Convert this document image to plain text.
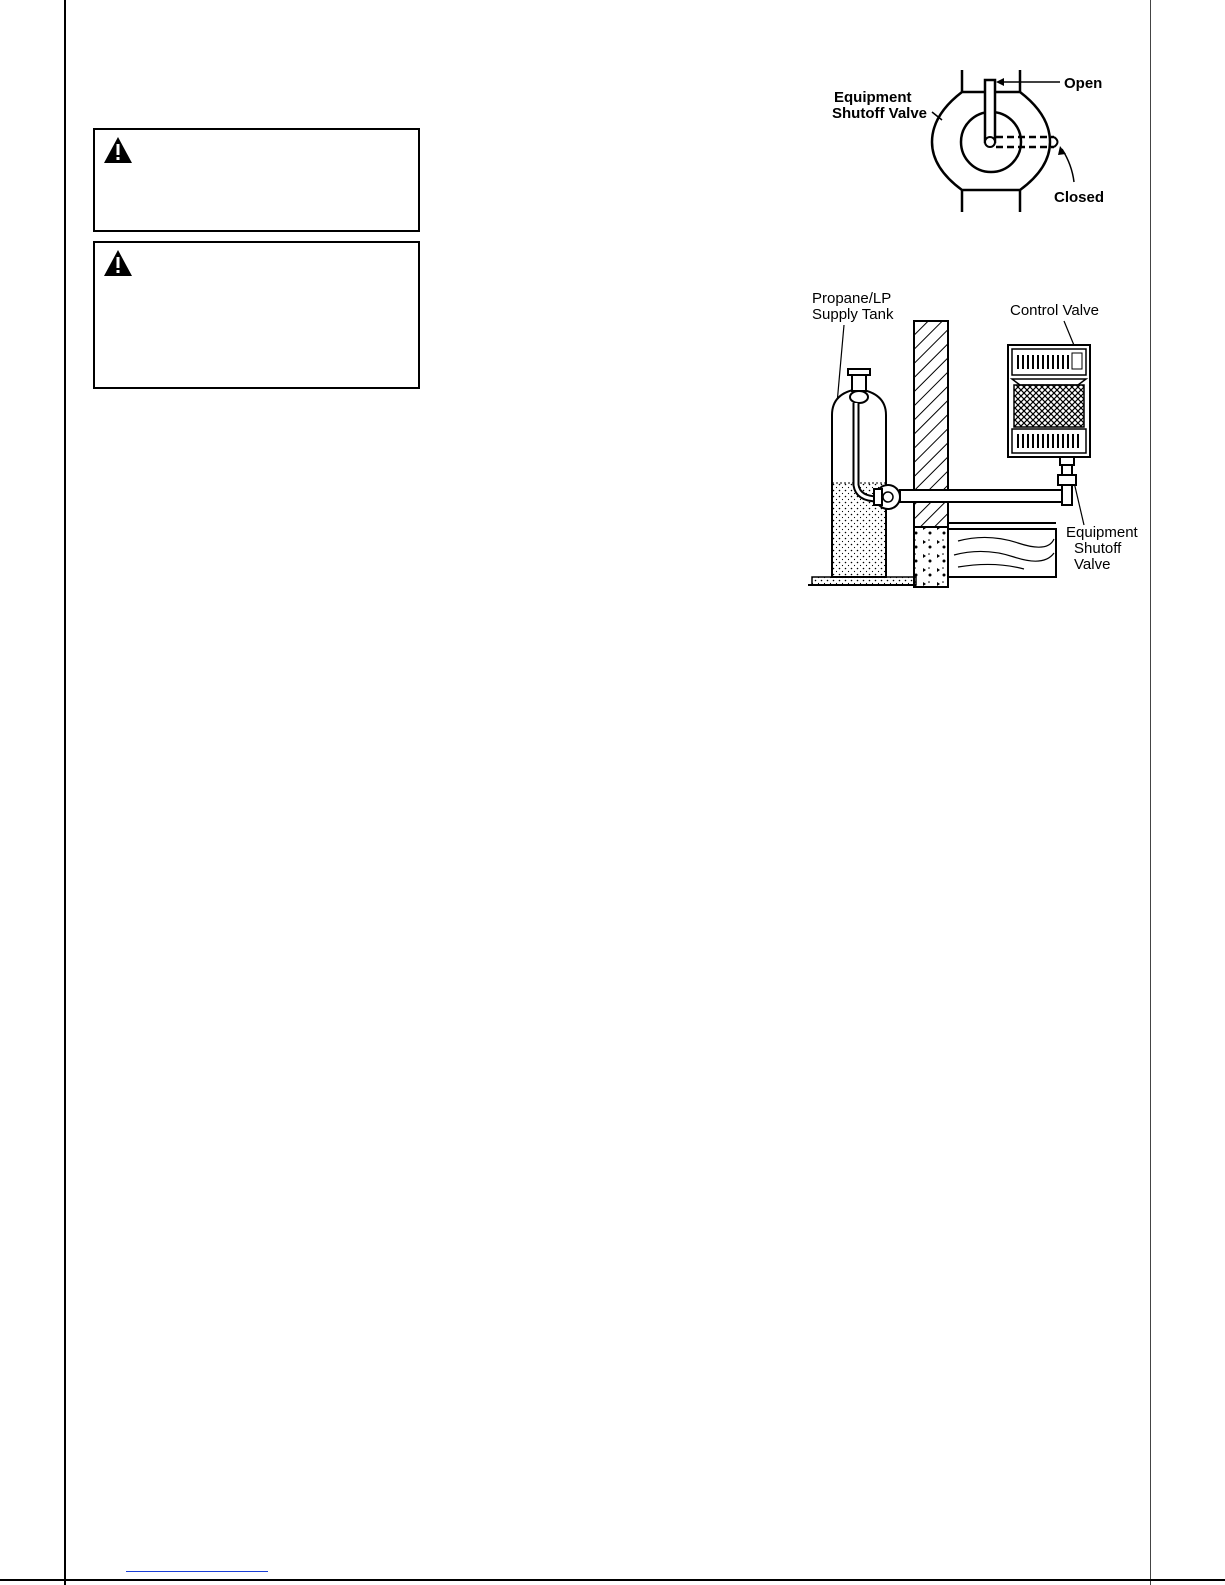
Open
Closed
Equipment
Shutoff Valve
Propane/LP
Supply Tank	Control Valve
Equipment
Shutoff
Valve
